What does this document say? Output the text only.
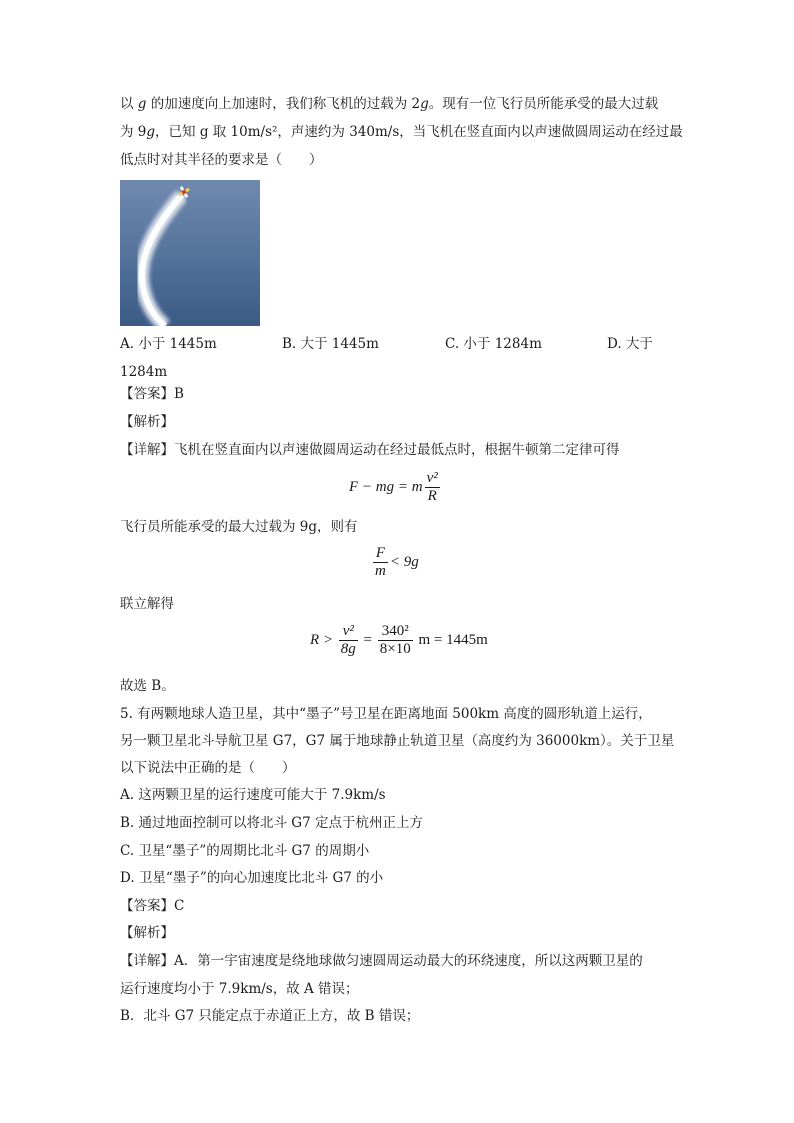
以 g 的加速度向上加速时，我们称飞机的过载为 2g。现有一位飞行员所能承受的最大过载
为 9g，已知 g 取 10m/s²，声速约为 340m/s，当飞机在竖直面内以声速做圆周运动在经过最
低点时对其半径的要求是（　　）
A. 小于 1445m	B. 大于 1445m	C. 小于 1284m	D. 大于
1284m
【答案】B
【解析】
【详解】飞机在竖直面内以声速做圆周运动在经过最低点时，根据牛顿第二定律可得
F − mg = m $\frac{\text{v²}}{R}$
飞行员所能承受的最大过载为 9g，则有
$\frac{F}{m} < 9g$
联立解得
$R > \frac{\text{v²}}{8g} = \frac{\text{340²}}{8\times 10}$ m = 1445m
故选 B。
5. 有两颗地球人造卫星，其中“墨子”号卫星在距离地面 500km 高度的圆形轨道上运行，
另一颗卫星北斗导航卫星 G7，G7 属于地球静止轨道卫星（高度约为 36000km）。关于卫星
以下说法中正确的是（　　）
A. 这两颗卫星的运行速度可能大于 7.9km/s
B. 通过地面控制可以将北斗 G7 定点于杭州正上方
C. 卫星“墨子”的周期比北斗 G7 的周期小
D. 卫星“墨子”的向心加速度比北斗 G7 的小
【答案】C
【解析】
【详解】A．第一宇宙速度是绕地球做匀速圆周运动最大的环绕速度，所以这两颗卫星的
运行速度均小于 7.9km/s，故 A 错误；
B．北斗 G7 只能定点于赤道正上方，故 B 错误；
